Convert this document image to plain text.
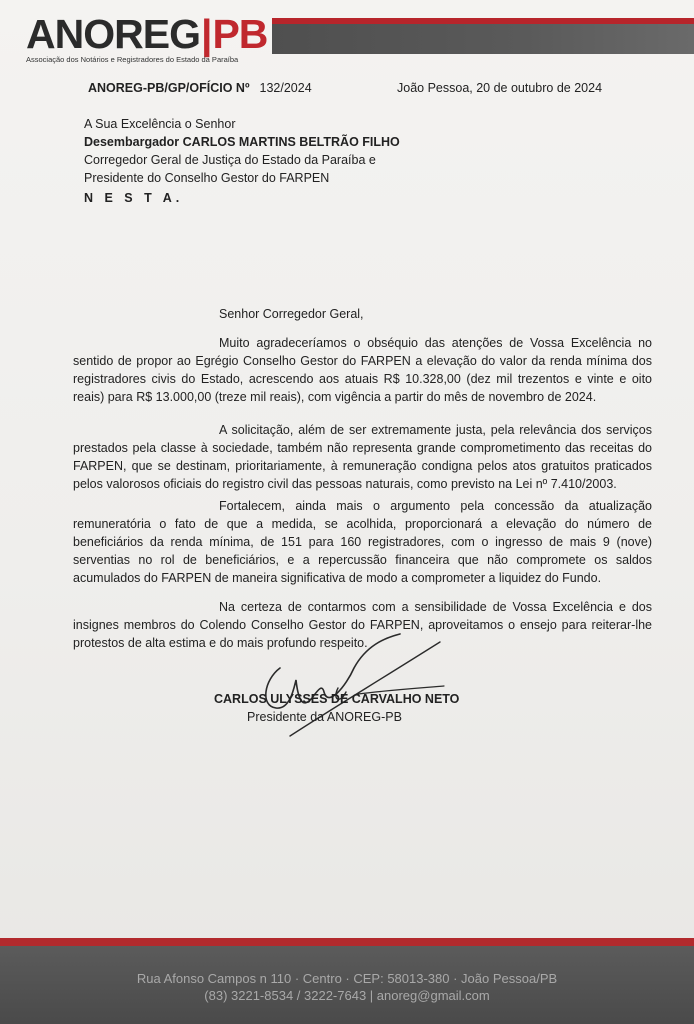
ANOREG|PB
Associação dos Notários e Registradores do Estado da Paraíba
ANOREG-PB/GP/OFÍCIO Nº 132/2024	João Pessoa, 20 de outubro de 2024
A Sua Excelência o Senhor
Desembargador CARLOS MARTINS BELTRÃO FILHO
Corregedor Geral de Justiça do Estado da Paraíba e
Presidente do Conselho Gestor do FARPEN
N E S T A.
Senhor Corregedor Geral,

Muito agradeceríamos o obséquio das atenções de Vossa Excelência no sentido de propor ao Egrégio Conselho Gestor do FARPEN a elevação do valor da renda mínima dos registradores civis do Estado, acrescendo aos atuais R$ 10.328,00 (dez mil trezentos e vinte e oito reais) para R$ 13.000,00 (treze mil reais), com vigência a partir do mês de novembro de 2024.

A solicitação, além de ser extremamente justa, pela relevância dos serviços prestados pela classe à sociedade, também não representa grande comprometimento das receitas do FARPEN, que se destinam, prioritariamente, à remuneração condigna pelos atos gratuitos praticados pelos valorosos oficiais do registro civil das pessoas naturais, como previsto na Lei nº 7.410/2003.

Fortalecem, ainda mais o argumento pela concessão da atualização remuneratória o fato de que a medida, se acolhida, proporcionará a elevação do número de beneficiários da renda mínima, de 151 para 160 registradores, com o ingresso de mais 9 (nove) serventias no rol de beneficiários, e a repercussão financeira que não compromete os saldos acumulados do FARPEN de maneira significativa de modo a comprometer a liquidez do Fundo.

Na certeza de contarmos com a sensibilidade de Vossa Excelência e dos insignes membros do Colendo Conselho Gestor do FARPEN, aproveitamos o ensejo para reiterar-lhe protestos de alta estima e do mais profundo respeito.

CARLOS ULYSSES DE CARVALHO NETO
Presidente da ANOREG-PB
Rua Afonso Campos n 110 · Centro · CEP: 58013-380 · João Pessoa/PB
(83) 3221-8534 / 3222-7643 | anoreg@gmail.com
